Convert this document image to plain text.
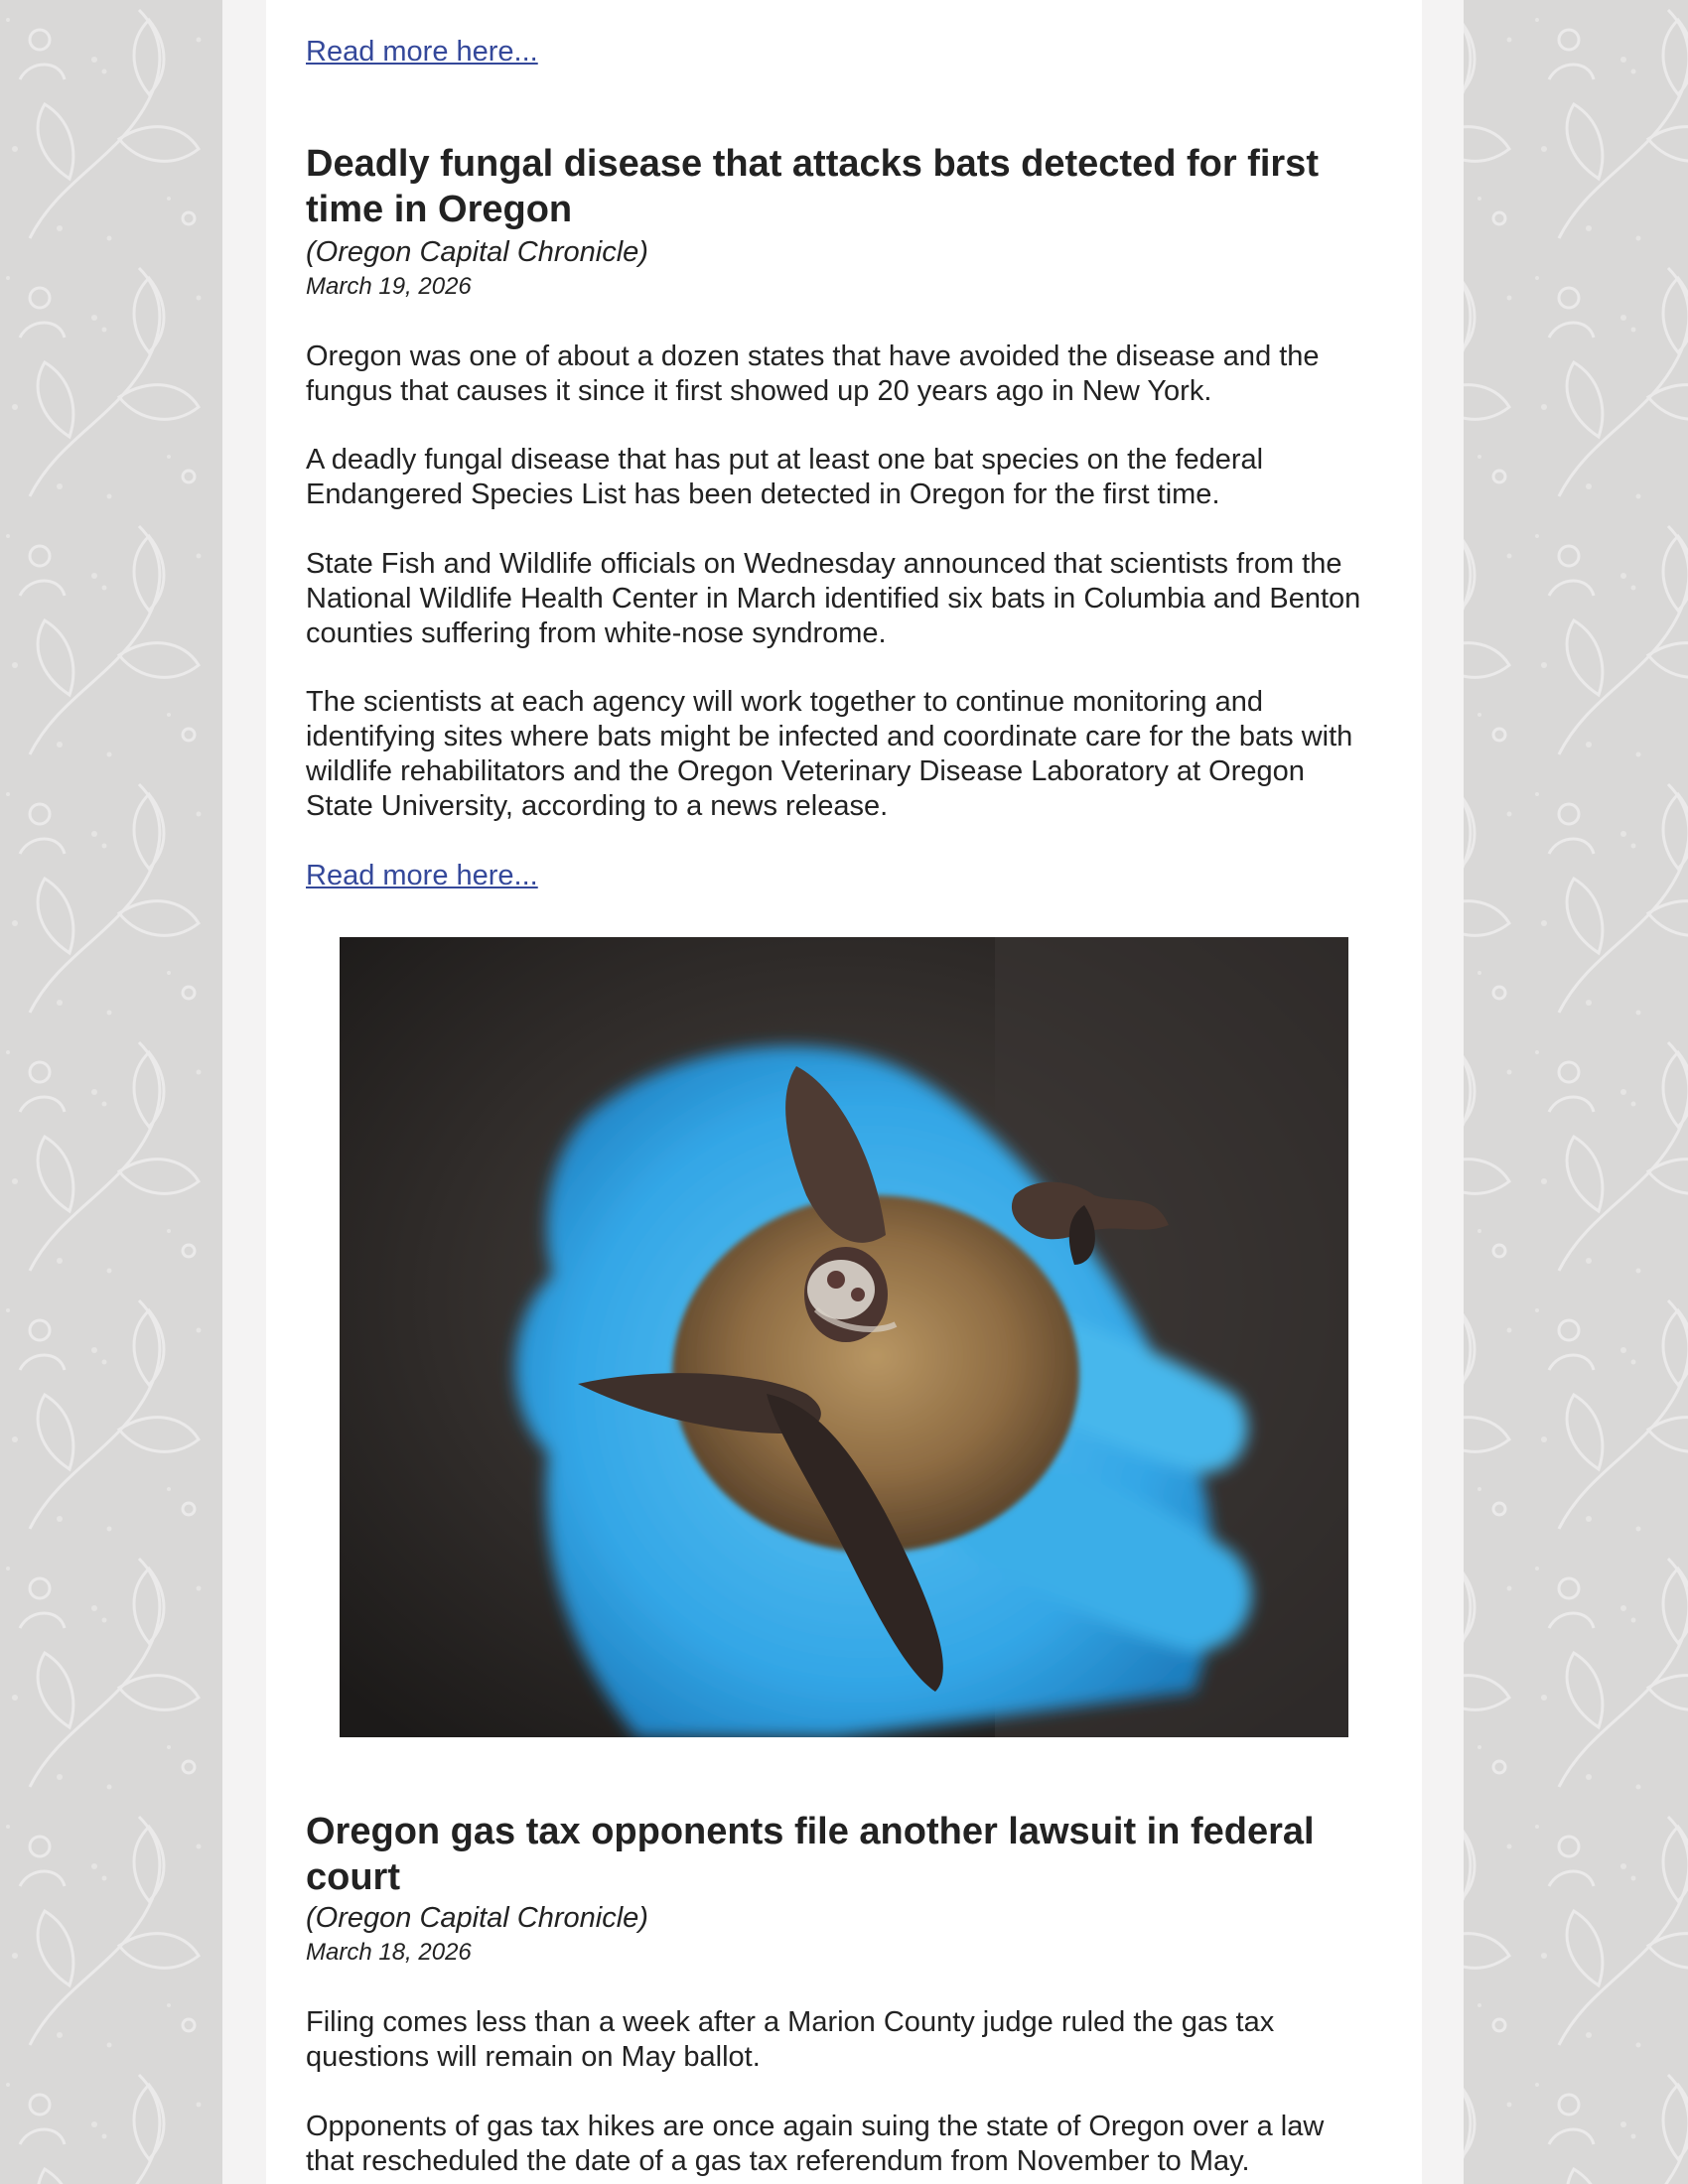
Read more here...
Deadly fungal disease that attacks bats detected for first time in Oregon
(Oregon Capital Chronicle)
March 19, 2026

Oregon was one of about a dozen states that have avoided the disease and the fungus that causes it since it first showed up 20 years ago in New York.

A deadly fungal disease that has put at least one bat species on the federal Endangered Species List has been detected in Oregon for the first time.

State Fish and Wildlife officials on Wednesday announced that scientists from the National Wildlife Health Center in March identified six bats in Columbia and Benton counties suffering from white-nose syndrome.

The scientists at each agency will work together to continue monitoring and identifying sites where bats might be infected and coordinate care for the bats with wildlife rehabilitators and the Oregon Veterinary Disease Laboratory at Oregon State University, according to a news release.

Read more here...
Oregon gas tax opponents file another lawsuit in federal court
(Oregon Capital Chronicle)
March 18, 2026

Filing comes less than a week after a Marion County judge ruled the gas tax questions will remain on May ballot.

Opponents of gas tax hikes are once again suing the state of Oregon over a law that rescheduled the date of a gas tax referendum from November to May.
